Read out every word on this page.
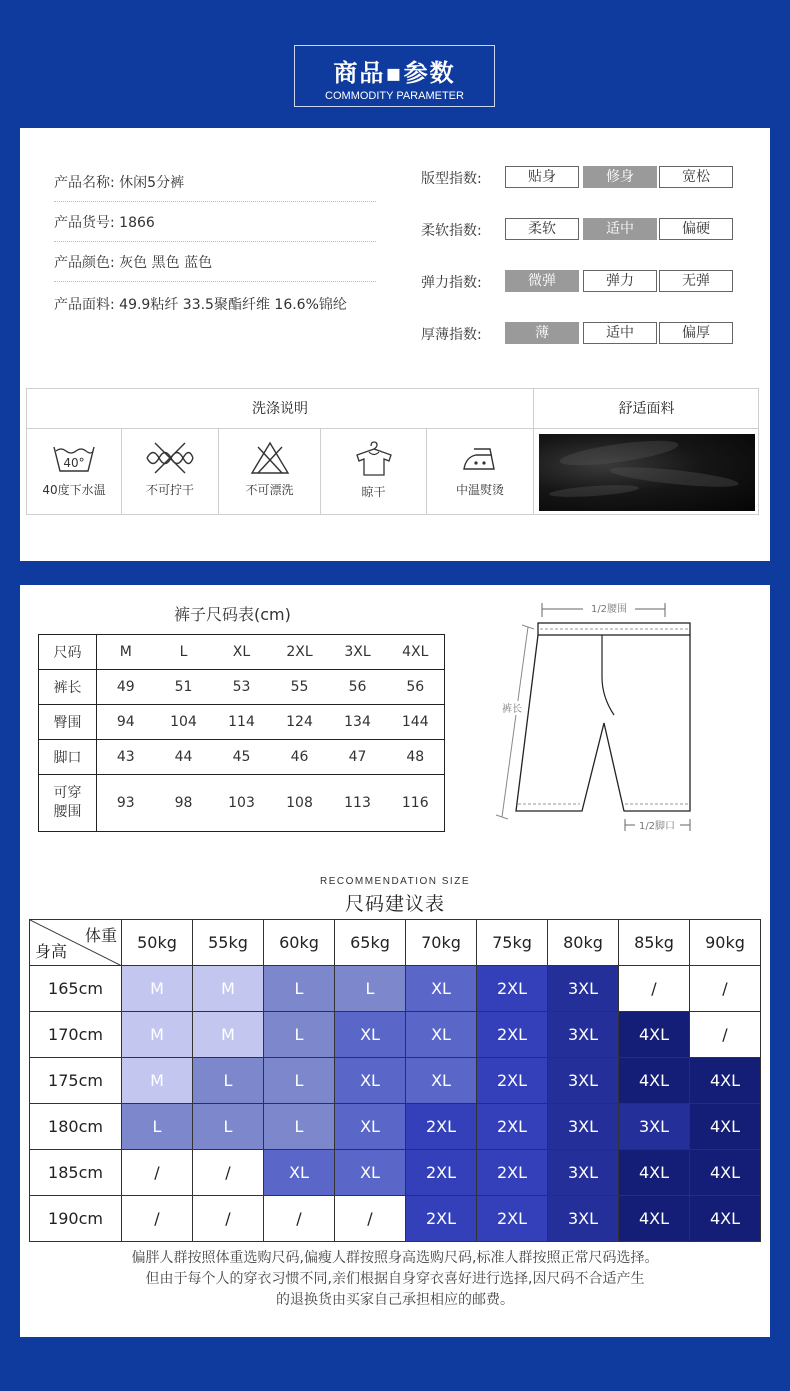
商品▪参数
COMMODITY PARAMETER
产品名称: 休闲5分裤
产品货号: 1866
产品颜色: 灰色 黑色 蓝色
产品面料: 49.9粘纤 33.5聚酯纤维 16.6%锦纶
版型指数:	贴身	修身	宽松
柔软指数:	柔软	适中	偏硬
弹力指数:	微弹	弹力	无弹
厚薄指数:	薄	适中	偏厚
洗涤说明	舒适面料
40°
40度下水温	不可拧干	不可漂洗	晾干	中温熨烫
裤子尺码表(cm)
尺码	M	L	XL	2XL	3XL	4XL
裤长	49	51	53	55	56	56
臀围	94	104	114	124	134	144
脚口	43	44	45	46	47	48
可穿
腰围	93	98	103	108	113	116
1/2腰围
裤长
1/2脚口
RECOMMENDATION SIZE
尺码建议表
体重
身高	50kg	55kg	60kg	65kg	70kg	75kg	80kg	85kg	90kg
165cm	M	M	L	L	XL	2XL	3XL	/	/
170cm	M	M	L	XL	XL	2XL	3XL	4XL	/
175cm	M	L	L	XL	XL	2XL	3XL	4XL	4XL
180cm	L	L	L	XL	2XL	2XL	3XL	3XL	4XL
185cm	/	/	XL	XL	2XL	2XL	3XL	4XL	4XL
190cm	/	/	/	/	2XL	2XL	3XL	4XL	4XL
偏胖人群按照体重选购尺码,偏瘦人群按照身高选购尺码,标准人群按照正常尺码选择。
但由于每个人的穿衣习惯不同,亲们根据自身穿衣喜好进行选择,因尺码不合适产生
的退换货由买家自己承担相应的邮费。
